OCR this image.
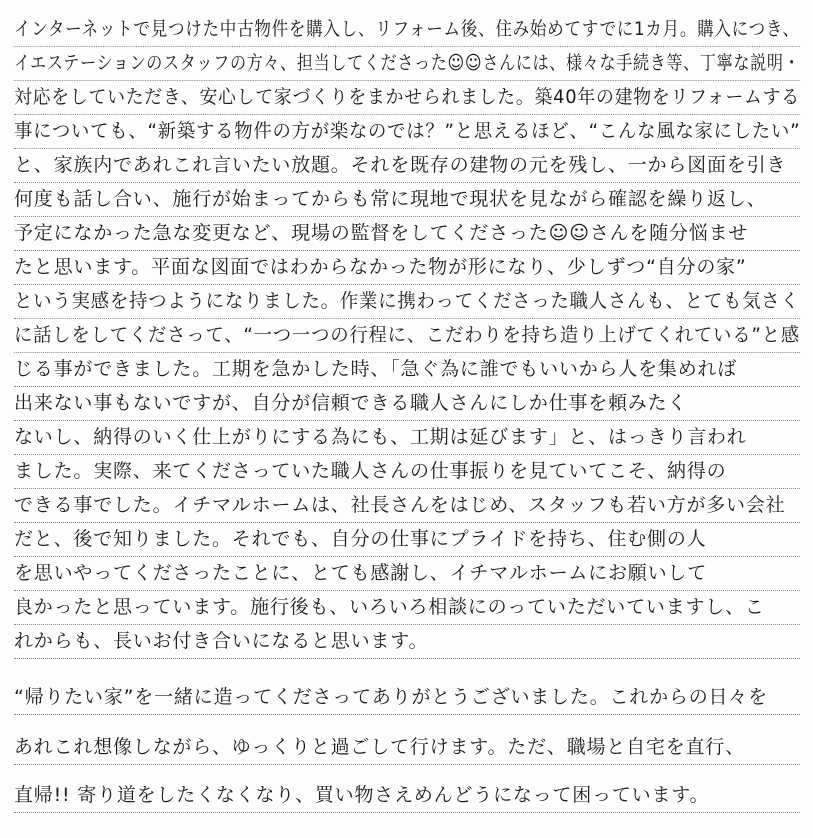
インターネットで見つけた中古物件を購入し、リフォーム後、住み始めてすでに1カ月。購入につき、
イエステーションのスタッフの方々、担当してくださった☺☺さんには、様々な手続き等、丁寧な説明・
対応をしていただき、安心して家づくりをまかせられました。築40年の建物をリフォームする
事についても、“新築する物件の方が楽なのでは？”と思えるほど、“こんな風な家にしたい”
と、家族内であれこれ言いたい放題。それを既存の建物の元を残し、一から図面を引き
何度も話し合い、施行が始まってからも常に現地で現状を見ながら確認を繰り返し、
予定になかった急な変更など、現場の監督をしてくださった☺☺さんを随分悩ませ
たと思います。平面な図面ではわからなかった物が形になり、少しずつ“自分の家”
という実感を持つようになりました。作業に携わってくださった職人さんも、とても気さく
に話しをしてくださって、“一つ一つの行程に、こだわりを持ち造り上げてくれている”と感
じる事ができました。工期を急かした時、「急ぐ為に誰でもいいから人を集めれば
出来ない事もないですが、自分が信頼できる職人さんにしか仕事を頼みたく
ないし、納得のいく仕上がりにする為にも、工期は延びます」と、はっきり言われ
ました。実際、来てくださっていた職人さんの仕事振りを見ていてこそ、納得の
できる事でした。イチマルホームは、社長さんをはじめ、スタッフも若い方が多い会社
だと、後で知りました。それでも、自分の仕事にプライドを持ち、住む側の人
を思いやってくださったことに、とても感謝し、イチマルホームにお願いして
良かったと思っています。施行後も、いろいろ相談にのっていただいていますし、こ
れからも、長いお付き合いになると思います。
“帰りたい家”を一緒に造ってくださってありがとうございました。これからの日々を
あれこれ想像しながら、ゆっくりと過ごして行けます。ただ、職場と自宅を直行、
直帰!! 寄り道をしたくなくなり、買い物さえめんどうになって困っています。
